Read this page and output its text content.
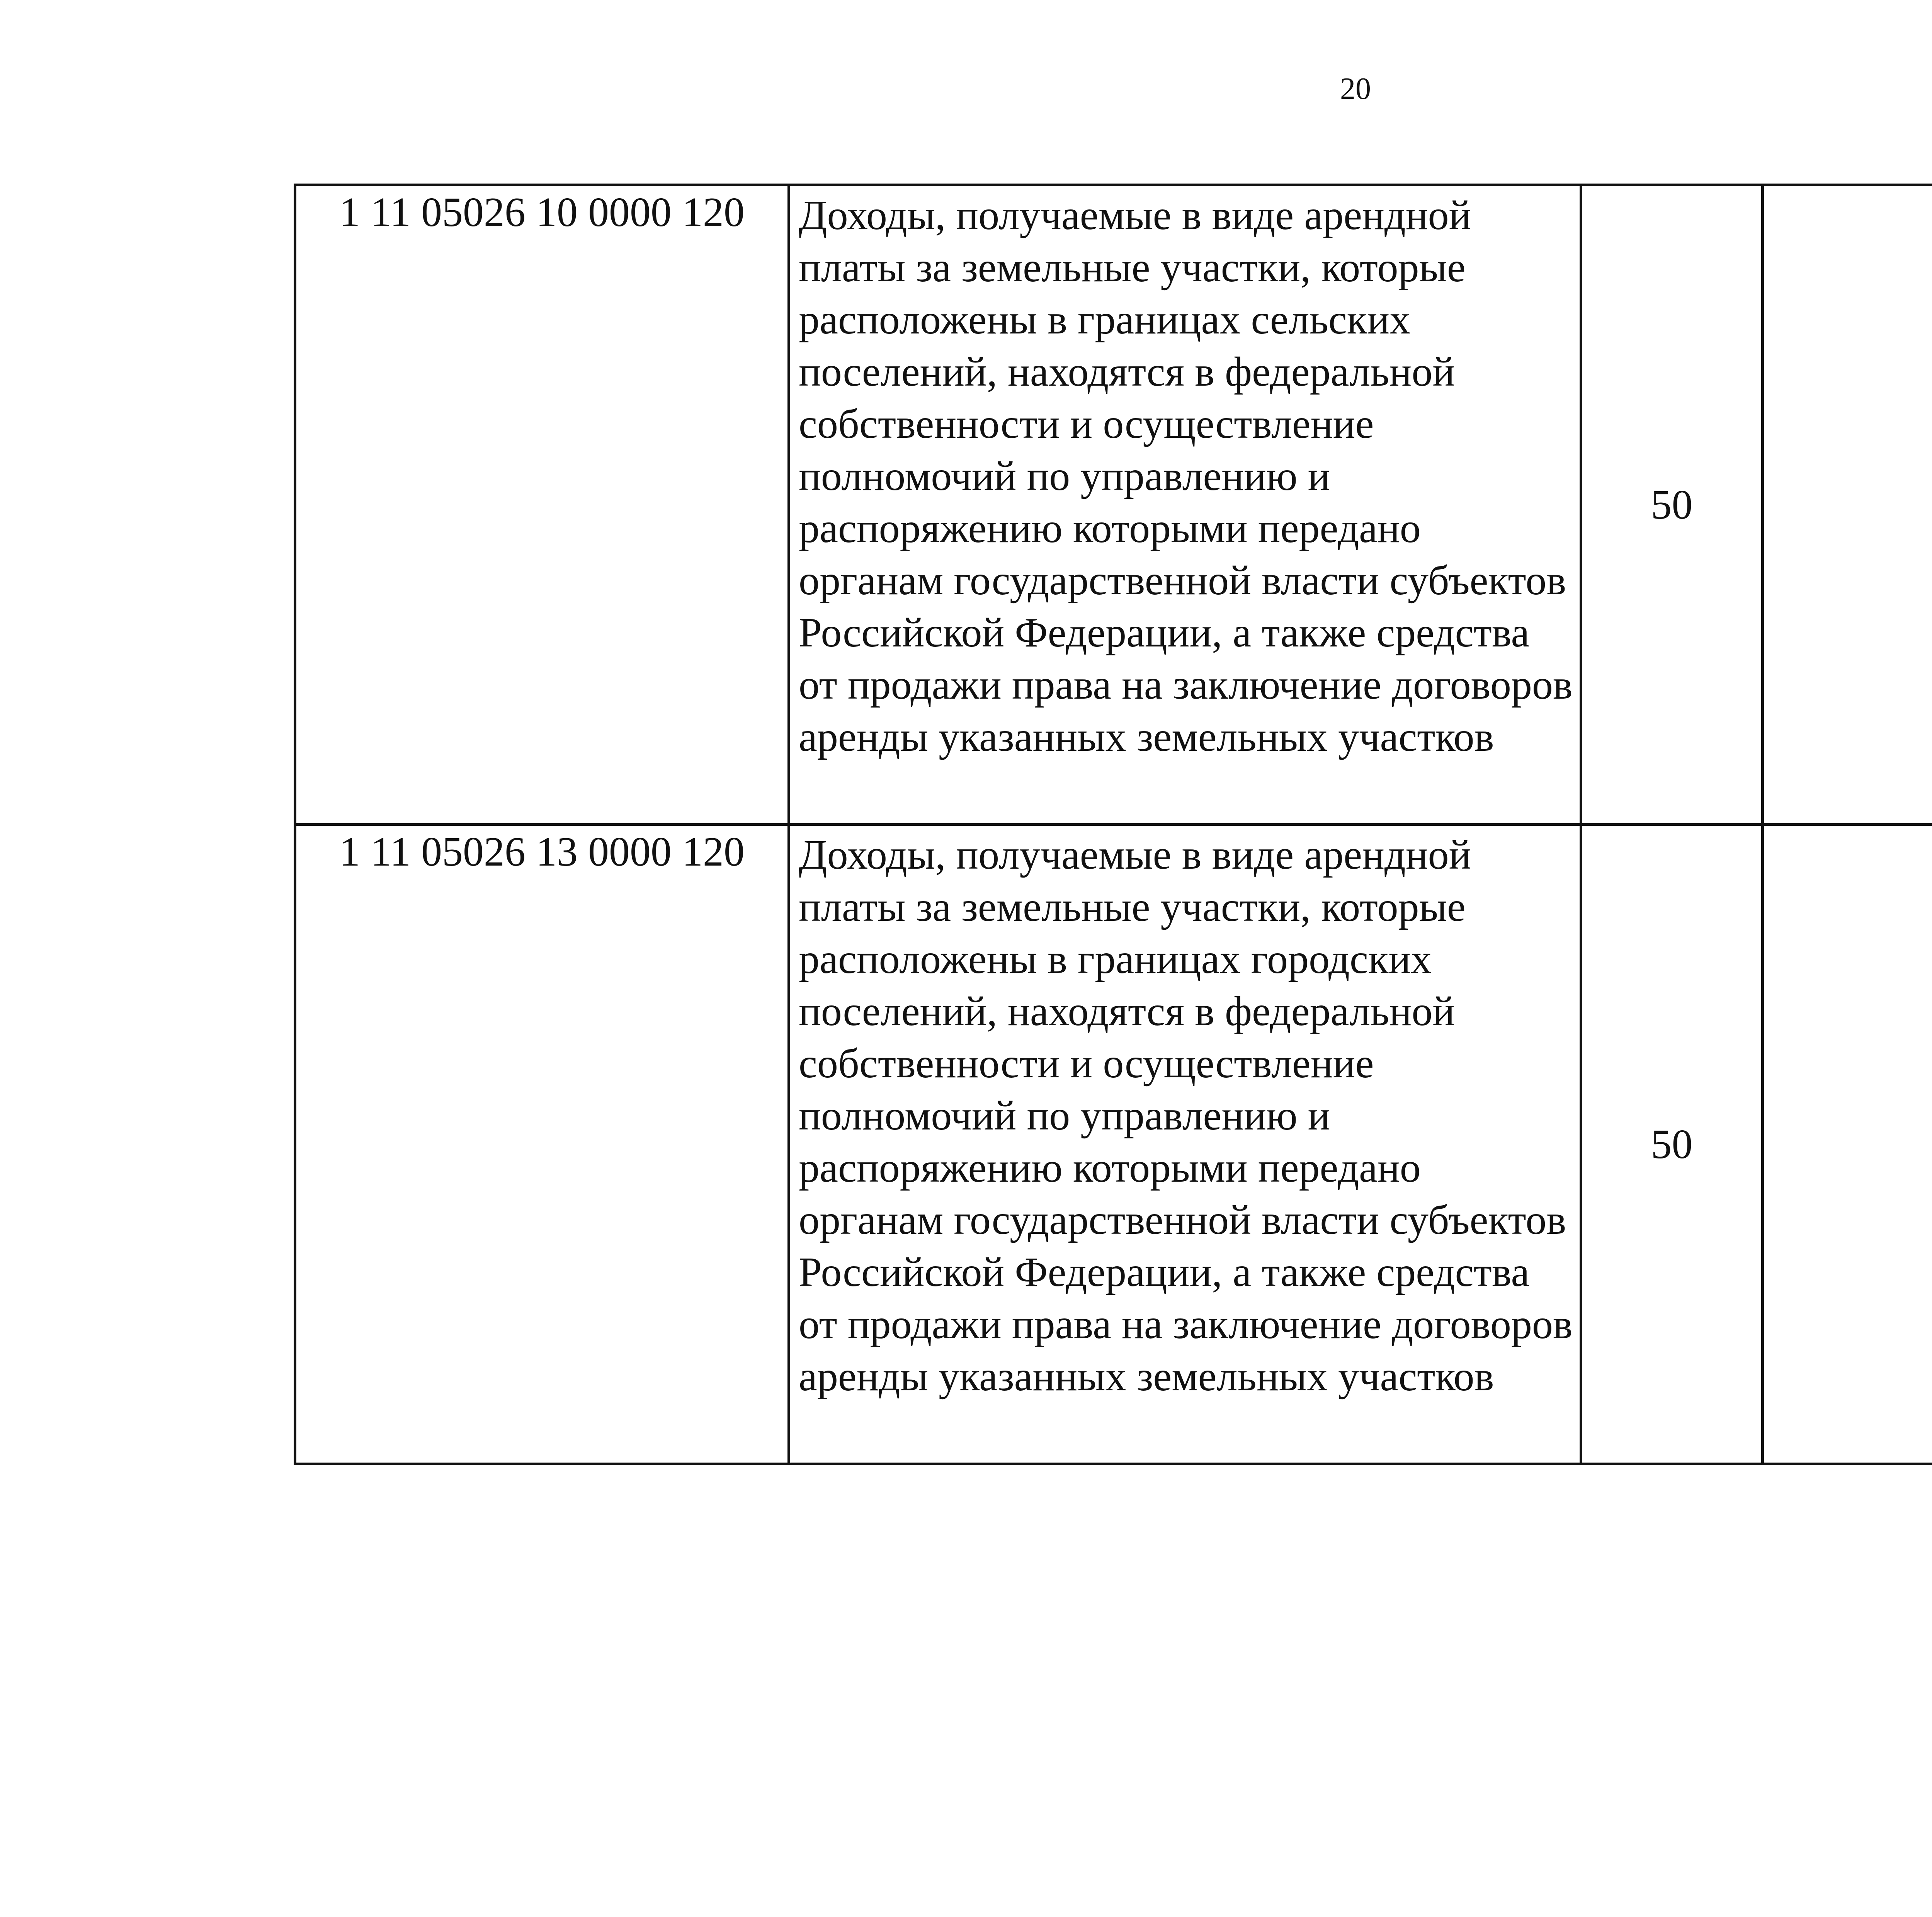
20
1 11 05026 10 0000 120	Доходы, получаемые в виде арендной платы за земельные участки, которые расположены в границах сельских поселений, находятся в федеральной собственности и осуществление полномочий по управлению и распоряжению которыми передано органам государственной власти субъектов Российской Федерации, а также средства от продажи права на заключение договоров аренды указанных земельных участков	50				
1 11 05026 13 0000 120	Доходы, получаемые в виде арендной платы за земельные участки, которые расположены в границах городских поселений, находятся в федеральной собственности и осуществление полномочий по управлению и распоряжению которыми передано органам государственной власти субъектов Российской Федерации, а также средства от продажи права на заключение договоров аренды указанных земельных участков	50				
